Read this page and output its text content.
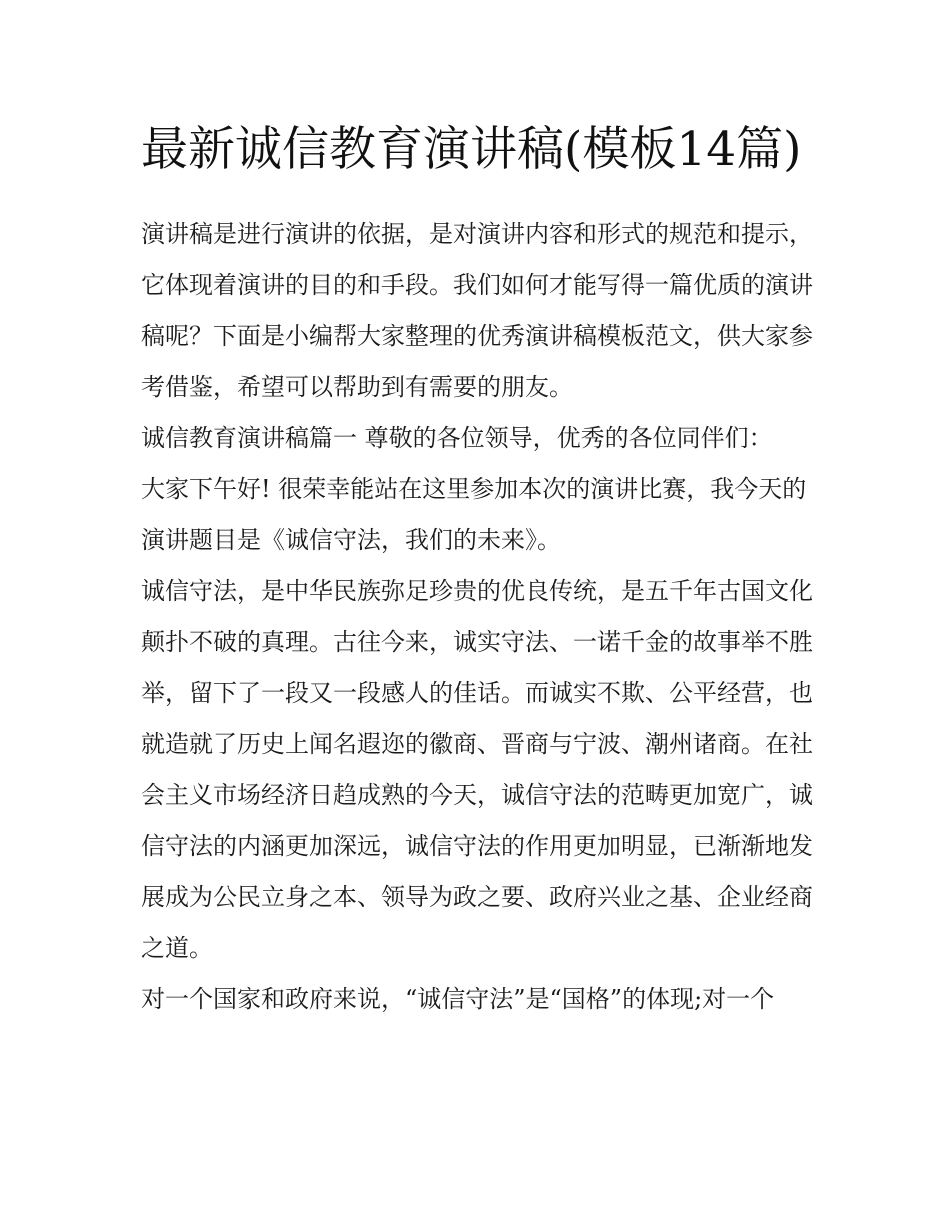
最新诚信教育演讲稿(模板14篇)

演讲稿是进行演讲的依据，是对演讲内容和形式的规范和提示，它体现着演讲的目的和手段。我们如何才能写得一篇优质的演讲稿呢？下面是小编帮大家整理的优秀演讲稿模板范文，供大家参考借鉴，希望可以帮助到有需要的朋友。

诚信教育演讲稿篇一 尊敬的各位领导，优秀的各位同伴们：

大家下午好! 很荣幸能站在这里参加本次的演讲比赛，我今天的演讲题目是《诚信守法，我们的未来》。

诚信守法，是中华民族弥足珍贵的优良传统，是五千年古国文化颠扑不破的真理。古往今来，诚实守法、一诺千金的故事举不胜举，留下了一段又一段感人的佳话。而诚实不欺、公平经营，也就造就了历史上闻名遐迩的徽商、晋商与宁波、潮州诸商。在社会主义市场经济日趋成熟的今天，诚信守法的范畴更加宽广，诚信守法的内涵更加深远，诚信守法的作用更加明显，已渐渐地发展成为公民立身之本、领导为政之要、政府兴业之基、企业经商之道。

对一个国家和政府来说，“诚信守法”是“国格”的体现;对一个
